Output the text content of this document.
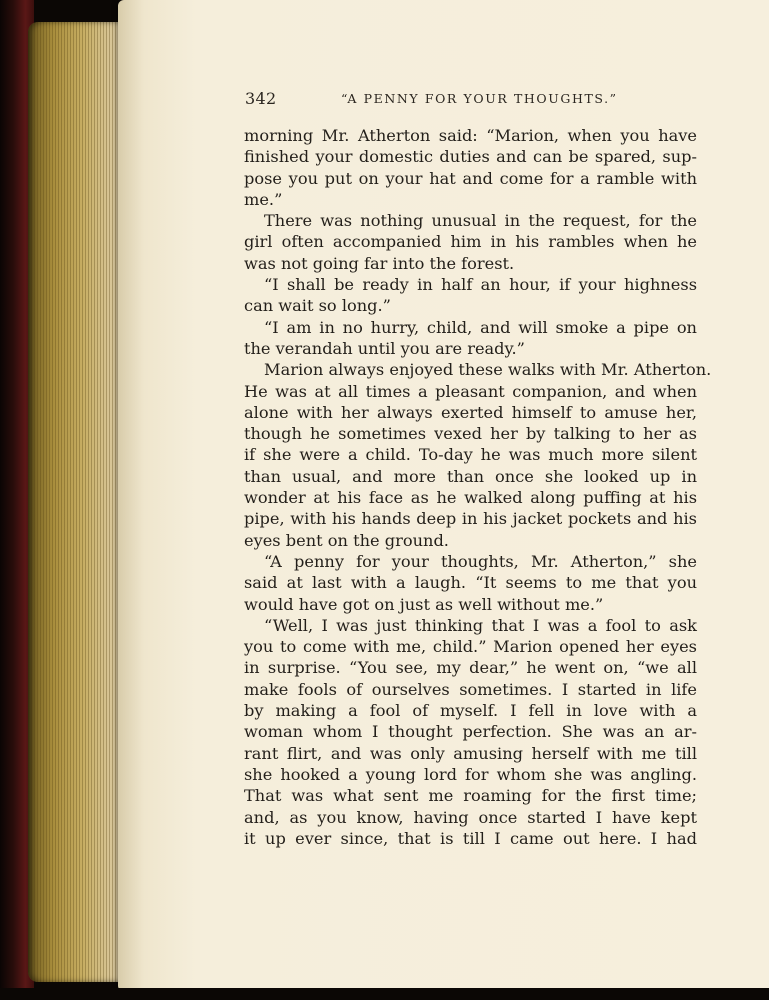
342	“A PENNY FOR YOUR THOUGHTS.”
morning Mr. Atherton said: “Marion, when you have
finished your domestic duties and can be spared, sup-
pose you put on your hat and come for a ramble with
me.”
There was nothing unusual in the request, for the
girl often accompanied him in his rambles when he
was not going far into the forest.
“I shall be ready in half an hour, if your highness
can wait so long.”
“I am in no hurry, child, and will smoke a pipe on
the verandah until you are ready.”
Marion always enjoyed these walks with Mr. Atherton.
He was at all times a pleasant companion, and when
alone with her always exerted himself to amuse her,
though he sometimes vexed her by talking to her as
if she were a child. To-day he was much more silent
than usual, and more than once she looked up in
wonder at his face as he walked along puffing at his
pipe, with his hands deep in his jacket pockets and his
eyes bent on the ground.
“A penny for your thoughts, Mr. Atherton,” she
said at last with a laugh. “It seems to me that you
would have got on just as well without me.”
“Well, I was just thinking that I was a fool to ask
you to come with me, child.” Marion opened her eyes
in surprise. “You see, my dear,” he went on, “we all
make fools of ourselves sometimes. I started in life
by making a fool of myself. I fell in love with a
woman whom I thought perfection. She was an ar-
rant flirt, and was only amusing herself with me till
she hooked a young lord for whom she was angling.
That was what sent me roaming for the first time;
and, as you know, having once started I have kept
it up ever since, that is till I came out here. I had
